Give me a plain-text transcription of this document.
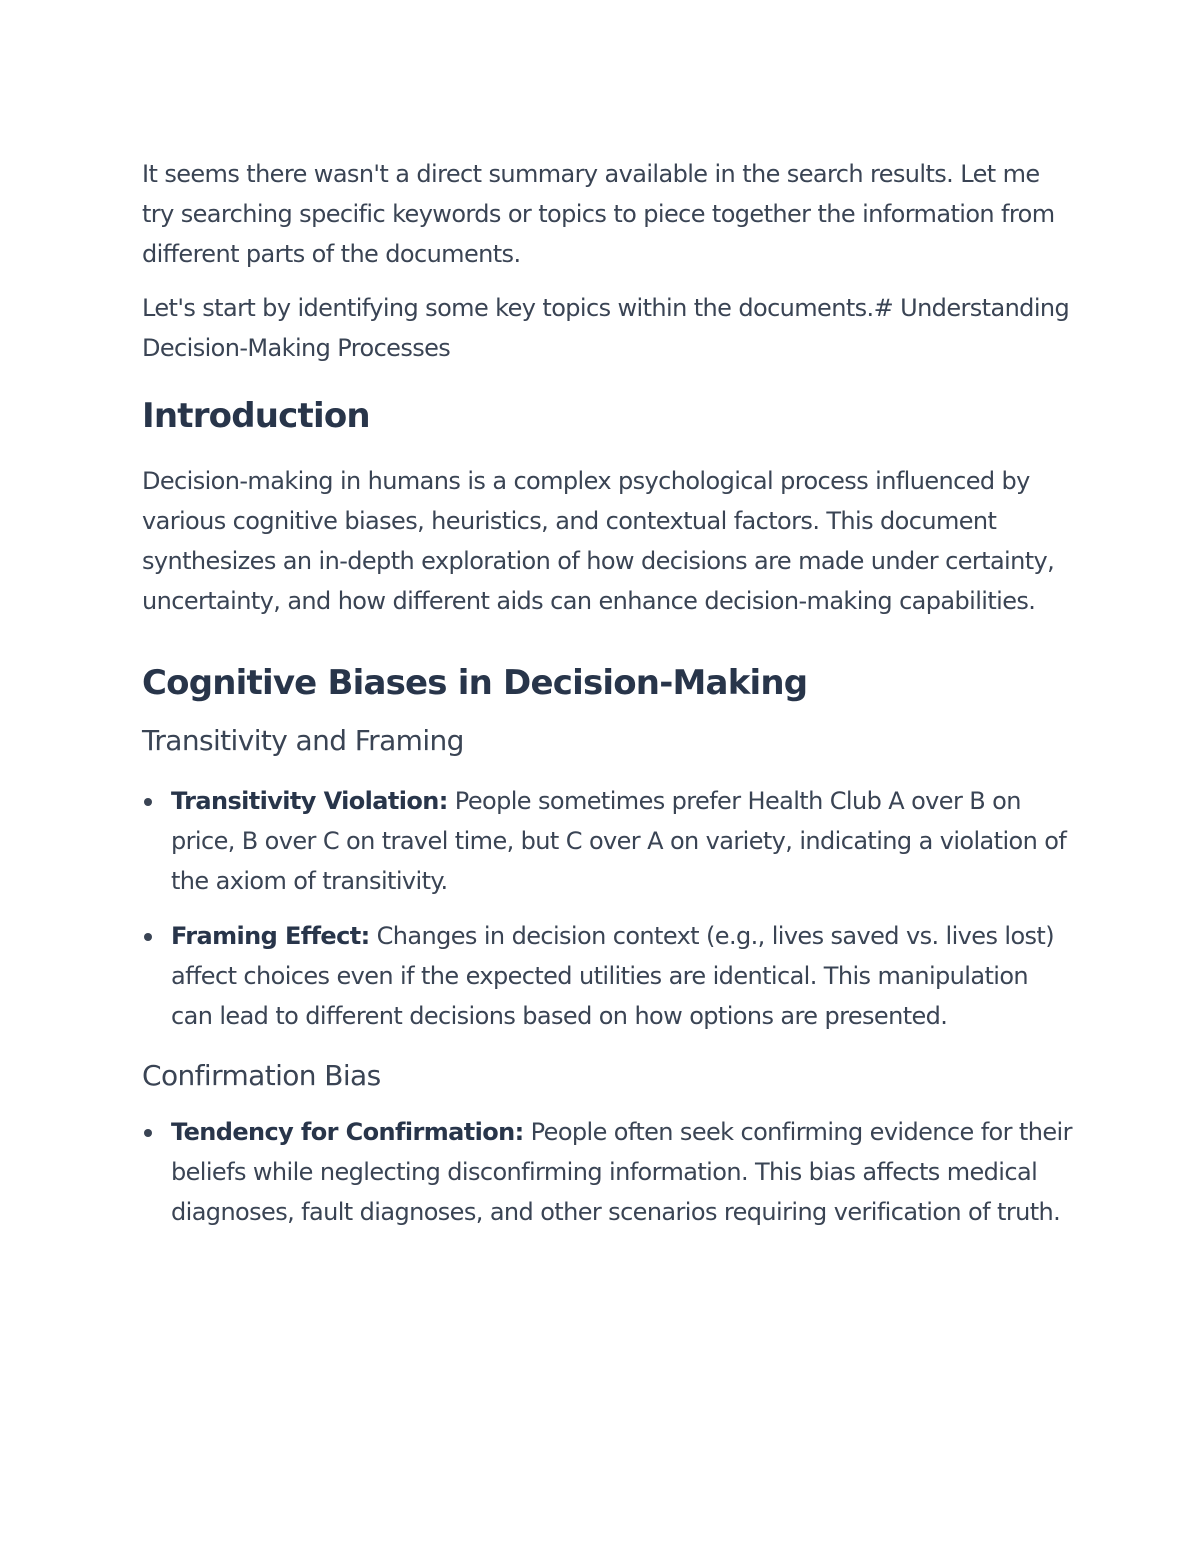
It seems there wasn't a direct summary available in the search results. Let me try searching specific keywords or topics to piece together the information from different parts of the documents.

Let's start by identifying some key topics within the documents.# Understanding Decision-Making Processes

Introduction

Decision-making in humans is a complex psychological process influenced by various cognitive biases, heuristics, and contextual factors. This document synthesizes an in-depth exploration of how decisions are made under certainty, uncertainty, and how different aids can enhance decision-making capabilities.

Cognitive Biases in Decision-Making
Transitivity and Framing
Transitivity Violation: People sometimes prefer Health Club A over B on price, B over C on travel time, but C over A on variety, indicating a violation of the axiom of transitivity.
Framing Effect: Changes in decision context (e.g., lives saved vs. lives lost) affect choices even if the expected utilities are identical. This manipulation can lead to different decisions based on how options are presented.
Confirmation Bias
Tendency for Confirmation: People often seek confirming evidence for their beliefs while neglecting disconfirming information. This bias affects medical diagnoses, fault diagnoses, and other scenarios requiring verification of truth.
